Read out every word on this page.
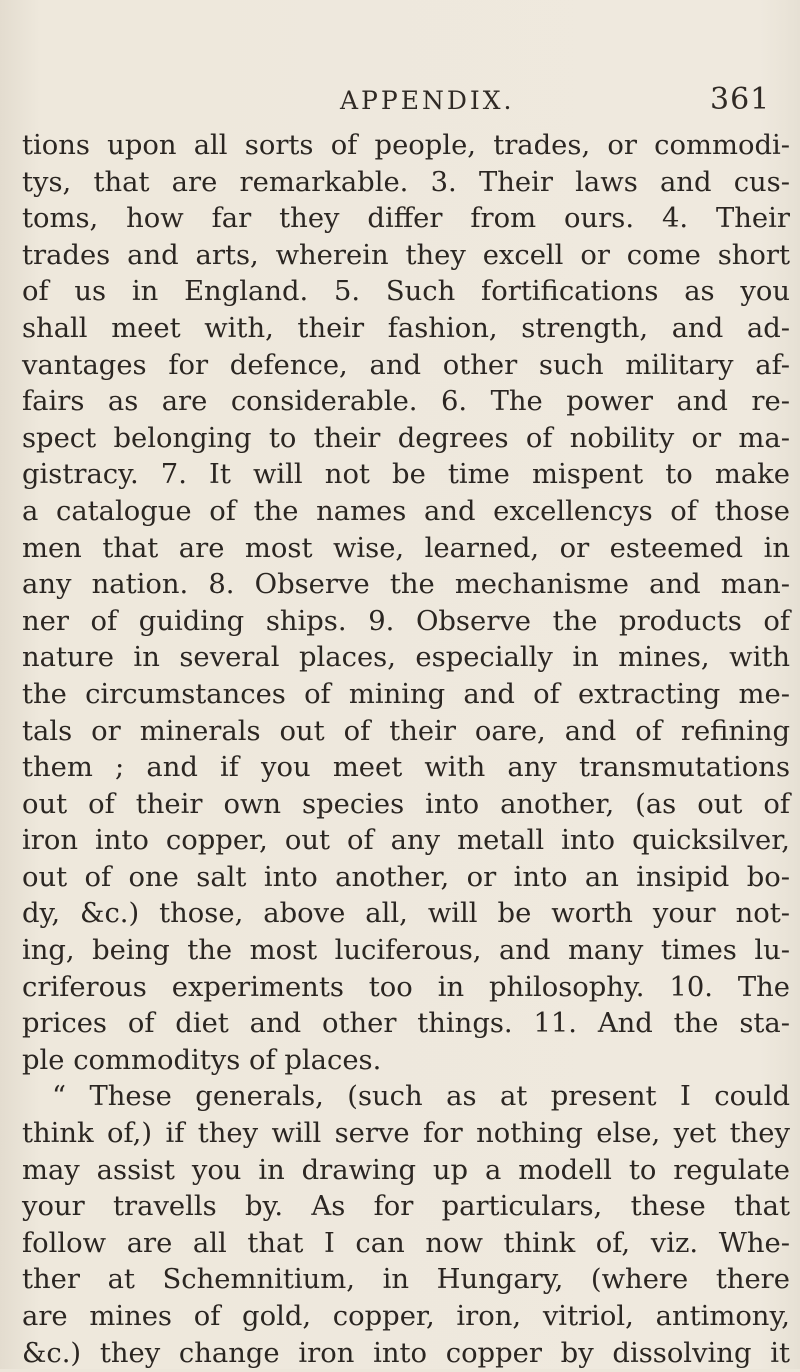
APPENDIX.	361
tions upon all sorts of people, trades, or commodi-
tys, that are remarkable. 3. Their laws and cus-
toms, how far they differ from ours. 4. Their
trades and arts, wherein they excell or come short
of us in England. 5. Such fortifications as you
shall meet with, their fashion, strength, and ad-
vantages for defence, and other such military af-
fairs as are considerable. 6. The power and re-
spect belonging to their degrees of nobility or ma-
gistracy. 7. It will not be time mispent to make
a catalogue of the names and excellencys of those
men that are most wise, learned, or esteemed in
any nation. 8. Observe the mechanisme and man-
ner of guiding ships. 9. Observe the products of
nature in several places, especially in mines, with
the circumstances of mining and of extracting me-
tals or minerals out of their oare, and of refining
them ; and if you meet with any transmutations
out of their own species into another, (as out of
iron into copper, out of any metall into quicksilver,
out of one salt into another, or into an insipid bo-
dy, &c.) those, above all, will be worth your not-
ing, being the most luciferous, and many times lu-
criferous experiments too in philosophy. 10. The
prices of diet and other things. 11. And the sta-
ple commoditys of places.
“ These generals, (such as at present I could
think of,) if they will serve for nothing else, yet they
may assist you in drawing up a modell to regulate
your travells by. As for particulars, these that
follow are all that I can now think of, viz. Whe-
ther at Schemnitium, in Hungary, (where there
are mines of gold, copper, iron, vitriol, antimony,
&c.) they change iron into copper by dissolving it
